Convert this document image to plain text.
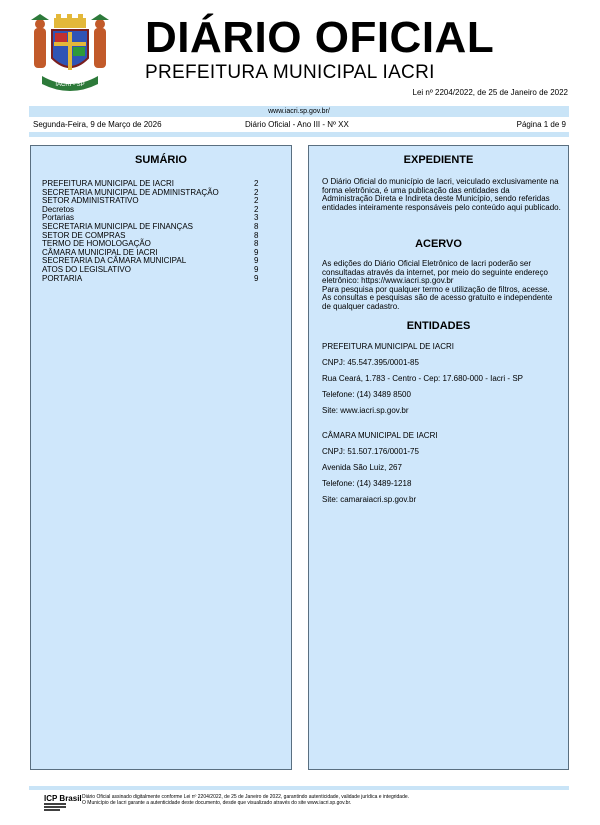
IACRI - SP
DIÁRIO OFICIAL
PREFEITURA MUNICIPAL IACRI
Lei nº 2204/2022, de 25 de Janeiro de 2022
www.iacri.sp.gov.br/
Segunda-Feira, 9 de Março de 2026	Diário Oficial - Ano III - Nº XX	Página 1 de 9
SUMÁRIO
PREFEITURA MUNICIPAL DE IACRI	2
SECRETARIA MUNICIPAL DE ADMINISTRAÇÃO	2
SETOR ADMINISTRATIVO	2
Decretos	2
Portarias	3
SECRETARIA MUNICIPAL DE FINANÇAS	8
SETOR DE COMPRAS	8
TERMO DE HOMOLOGAÇÃO	8
CÂMARA MUNICIPAL DE IACRI	9
SECRETARIA DA CÂMARA MUNICIPAL	9
ATOS DO LEGISLATIVO	9
PORTARIA	9
EXPEDIENTE
O Diário Oficial do município de Iacri, veiculado exclusivamente na forma eletrônica, é uma publicação das entidades da Administração Direta e Indireta deste Município, sendo referidas entidades inteiramente responsáveis pelo conteúdo aqui publicado.
ACERVO
As edições do Diário Oficial Eletrônico de Iacri poderão ser consultadas através da internet, por meio do seguinte endereço eletrônico: https://www.iacri.sp.gov.br
Para pesquisa por qualquer termo e utilização de filtros, acesse.
As consultas e pesquisas são de acesso gratuito e independente de qualquer cadastro.
ENTIDADES
PREFEITURA MUNICIPAL DE IACRI
CNPJ: 45.547.395/0001-85
Rua Ceará, 1.783 - Centro - Cep: 17.680-000 - Iacri - SP
Telefone: (14) 3489 8500
Site: www.iacri.sp.gov.br
CÂMARA MUNICIPAL DE IACRI
CNPJ: 51.507.176/0001-75
Avenida São Luiz, 267
Telefone: (14) 3489-1218
Site: camaraiacri.sp.gov.br
ICP Brasil Diário Oficial assinado digitalmente conforme Lei nº 2204/2022, de 25 de Janeiro de 2022, garantindo autenticidade, validade jurídica e integridade.
O Município de Iacri garante a autenticidade deste documento, desde que visualizado através do site www.iacri.sp.gov.br.
